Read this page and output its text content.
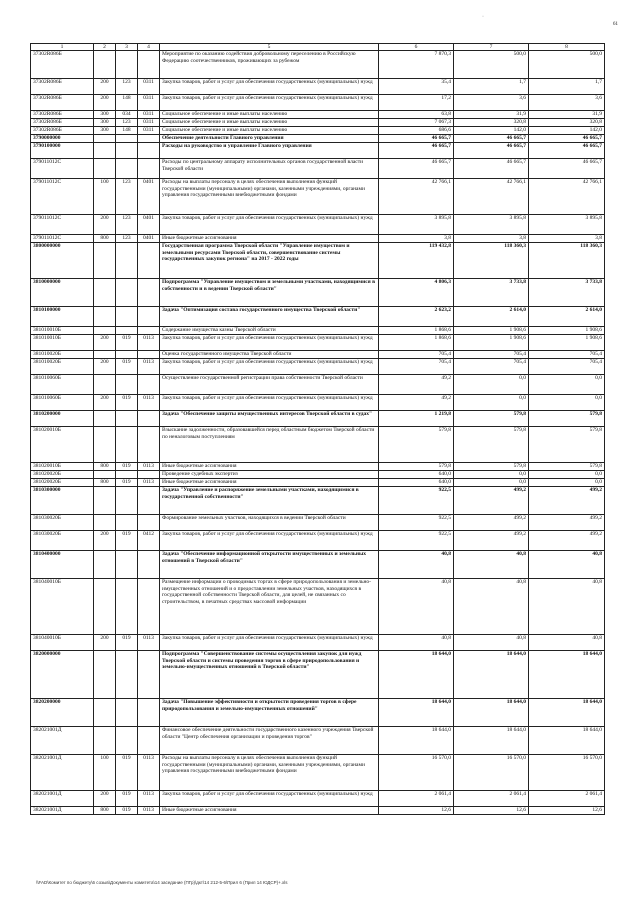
·
61
1	2	3	4	5	6	7	8
37302R086Б				Мероприятие по оказанию содействия добровольному переселению в Российскую Федерацию соотечественников, проживающих за рубежом	7 870,3	500,0	500,0
37302R086Б	200	123	0311	Закупка товаров, работ и услуг для обеспечения государственных (муниципальных) нужд	35,4	1,7	1,7
37302R086Б	200	148	0311	Закупка товаров, работ и услуг для обеспечения государственных (муниципальных) нужд	17,2	3,6	3,6
37302R086Б	300	034	0311	Социальное обеспечение и иные выплаты населению	63,8	31,9	31,9
37302R086Б	300	123	0311	Социальное обеспечение и иные выплаты населению	7 067,3	320,8	320,8
37302R086Б	300	148	0311	Социальное обеспечение и иные выплаты населению	686,6	142,0	142,0
3790000000				Обеспечение деятельности Главного управления	46 665,7	46 665,7	46 665,7
3790100000				Расходы на руководство и управление Главного управления	46 665,7	46 665,7	46 665,7
379011012С				Расходы по центральному аппарату исполнительных органов государственной власти Тверской области	46 665,7	46 665,7	46 665,7
379011012С	100	123	0401	Расходы на выплаты персоналу в целях обеспечения выполнения функций государственными (муниципальными) органами, казенными учреждениями, органами управления государственными внебюджетными фондами	42 766,1	42 766,1	42 766,1
379011012С	200	123	0401	Закупка товаров, работ и услуг для обеспечения государственных (муниципальных) нужд	3 895,8	3 895,8	3 895,8
379011012С	800	123	0401	Иные бюджетные ассигнования	3,8	3,8	3,8
3800000000				Государственная программа Тверской области "Управление имуществом и земельными ресурсами Тверской области, совершенствование системы государственных закупок региона" на 2017 - 2022 годы	119 432,8	118 360,3	118 360,3
3810000000				Подпрограмма "Управление имуществом и земельными участками, находящимися в собственности и в ведении Тверской области"	4 806,3	3 733,8	3 733,8
3810100000				Задача "Оптимизация состава государственного имущества Тверской области"	2 623,2	2 614,0	2 614,0
381010010Б				Содержание имущества казны Тверской области	1 868,6	1 908,6	1 908,6
381010010Б	200	019	0113	Закупка товаров, работ и услуг для обеспечения государственных (муниципальных) нужд	1 868,6	1 908,6	1 908,6
381010020Б				Оценка государственного имущества Тверской области	705,4	705,4	705,4
381010020Б	200	019	0113	Закупка товаров, работ и услуг для обеспечения государственных (муниципальных) нужд	705,4	705,4	705,4
381010060Б				Осуществление государственной регистрации права собственности Тверской области	49,2	0,0	0,0
381010060Б	200	019	0113	Закупка товаров, работ и услуг для обеспечения государственных (муниципальных) нужд	49,2	0,0	0,0
3810200000				Задача "Обеспечение защиты имущественных интересов Тверской области в судах"	1 219,8	579,8	579,8
381020010Б				Взыскание задолженности, образовавшейся перед областным бюджетом Тверской области по неналоговым поступлениям	579,8	579,8	579,8
381020010Б	800	019	0113	Иные бюджетные ассигнования	579,8	579,8	579,8
381020020Б				Проведение судебных экспертиз	640,0	0,0	0,0
381020020Б	800	019	0113	Иные бюджетные ассигнования	640,0	0,0	0,0
3810300000				Задача "Управление и распоряжение земельными участками, находящимися в государственной собственности"	922,5	499,2	499,2
381030020Б				Формирование земельных участков, находящихся в ведении Тверской области	922,5	499,2	499,2
381030020Б	200	019	0412	Закупка товаров, работ и услуг для обеспечения государственных (муниципальных) нужд	922,5	499,2	499,2
3810400000				Задача "Обеспечение информационной открытости имущественных и земельных отношений в Тверской области"	40,8	40,8	40,8
381040010Б				Размещение информации о проводимых торгах в сфере природопользования и земельно-имущественных отношений и о предоставлении земельных участков, находящихся в государственной собственности Тверской области, для целей, не связанных со строительством, в печатных средствах массовой информации	40,8	40,8	40,8
381040010Б	200	019	0113	Закупка товаров, работ и услуг для обеспечения государственных (муниципальных) нужд	40,8	40,8	40,8
3820000000				Подпрограмма "Совершенствование системы осуществления закупок для нужд Тверской области и системы проведения торгов в сфере природопользования и земельно-имущественных отношений в Тверской области"	18 644,0	18 644,0	18 644,0
3820200000				Задача "Повышение эффективности и открытости проведения торгов в сфере природопользования и земельно-имущественных отношений"	18 644,0	18 644,0	18 644,0
382021001Д				Финансовое обеспечение деятельности государственного казенного учреждения Тверской области "Центр обеспечения организации и проведения торгов"	18 644,0	18 644,0	18 644,0
382021001Д	100	019	0113	Расходы на выплаты персоналу в целях обеспечения выполнения функций государственными (муниципальными) органами, казенными учреждениями, органами управления государственными внебюджетными фондами	16 570,0	16 570,0	16 570,0
382021001Д	200	019	0113	Закупка товаров, работ и услуг для обеспечения государственных (муниципальных) нужд	2 061,4	2 061,4	2 061,4
382021001Д	800	019	0113	Иные бюджетные ассигнования	12,6	12,6	12,6
\\FAD\Комитет по бюджету\6 созыв\Документы комитета\14 заседание (ПГр)\дкт\14 212-5-6\Прил 6 (Прил 14 ЮДСР)+.xls
